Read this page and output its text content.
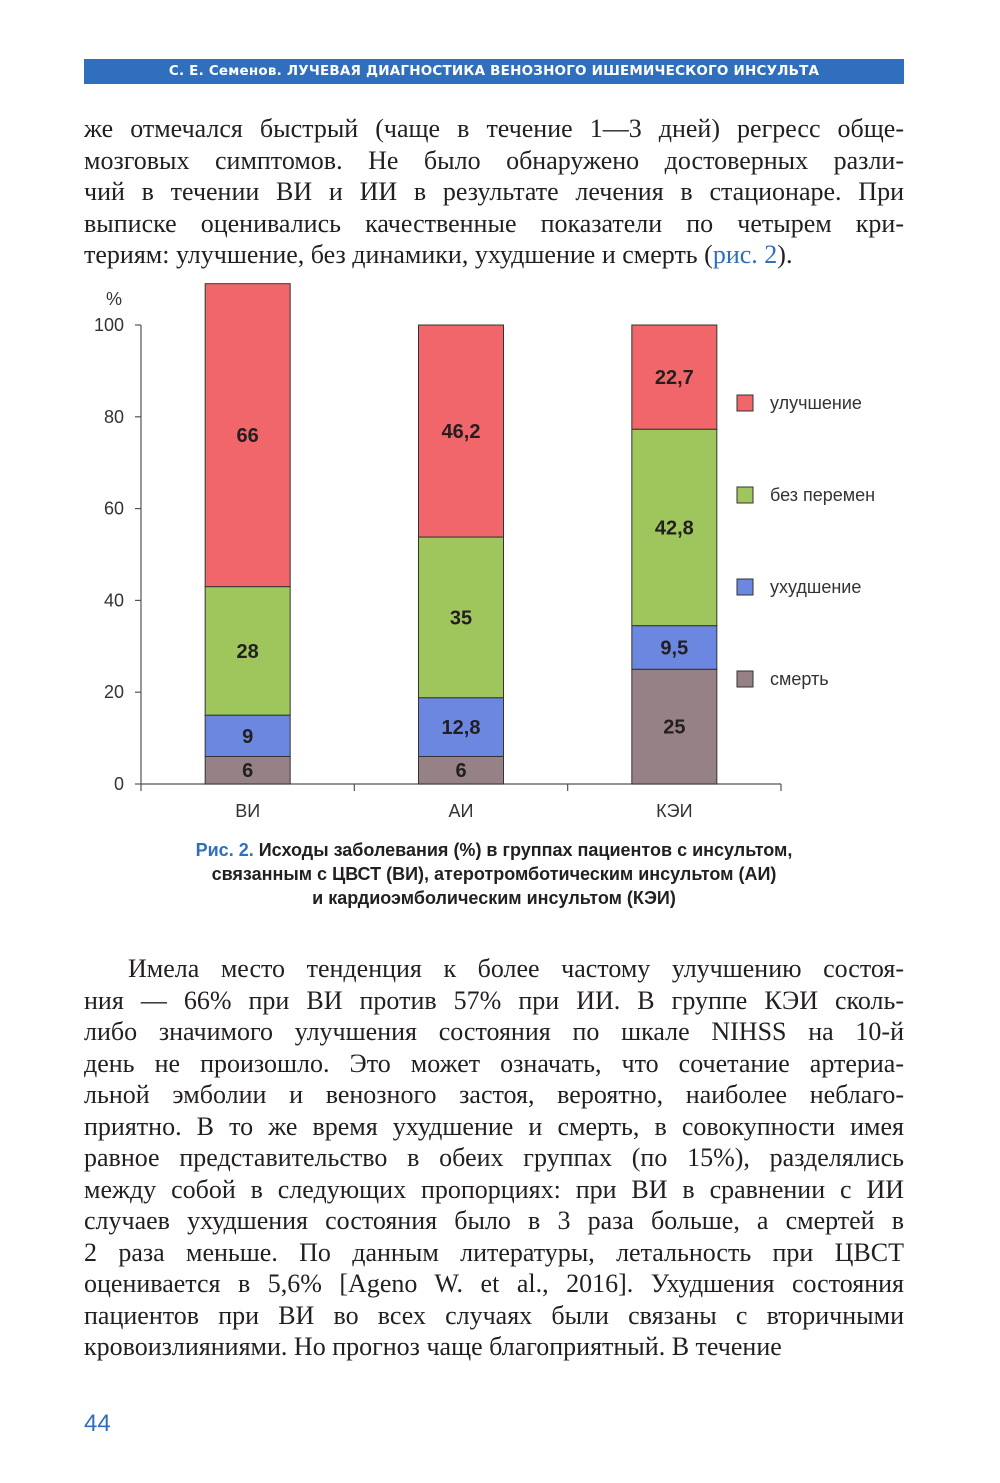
С. Е. Семенов. ЛУЧЕВАЯ ДИАГНОСТИКА ВЕНОЗНОГО ИШЕМИЧЕСКОГО ИНСУЛЬТА
же отмечался быстрый (чаще в течение 1—3 дней) регресс обще-
мозговых симптомов. Не было обнаружено достоверных разли-
чий в течении ВИ и ИИ в результате лечения в стационаре. При
выписке оценивались качественные показатели по четырем кри-
териям: улучшение, без динамики, ухудшение и смерть (рис. 2).
%
0
20
40
60
80
100
6
9
28
66
ВИ
6
12,8
35
46,2
АИ
25
9,5
42,8
22,7
КЭИ
улучшение
без перемен
ухудшение
смерть
Рис. 2. Исходы заболевания (%) в группах пациентов с инсультом,
связанным с ЦВСТ (ВИ), атеротромботическим инсультом (АИ)
и кардиоэмболическим инсультом (КЭИ)
Имела место тенденция к более частому улучшению состоя-
ния — 66% при ВИ против 57% при ИИ. В группе КЭИ сколь-
либо значимого улучшения состояния по шкале NIHSS на 10-й
день не произошло. Это может означать, что сочетание артериа-
льной эмболии и венозного застоя, вероятно, наиболее неблаго-
приятно. В то же время ухудшение и смерть, в совокупности имея
равное представительство в обеих группах (по 15%), разделялись
между собой в следующих пропорциях: при ВИ в сравнении с ИИ
случаев ухудшения состояния было в 3 раза больше, а смертей в
2 раза меньше. По данным литературы, летальность при ЦВСТ
оценивается в 5,6% [Ageno W. et al., 2016]. Ухудшения состояния
пациентов при ВИ во всех случаях были связаны с вторичными
кровоизлияниями. Но прогноз чаще благоприятный. В течение
44
